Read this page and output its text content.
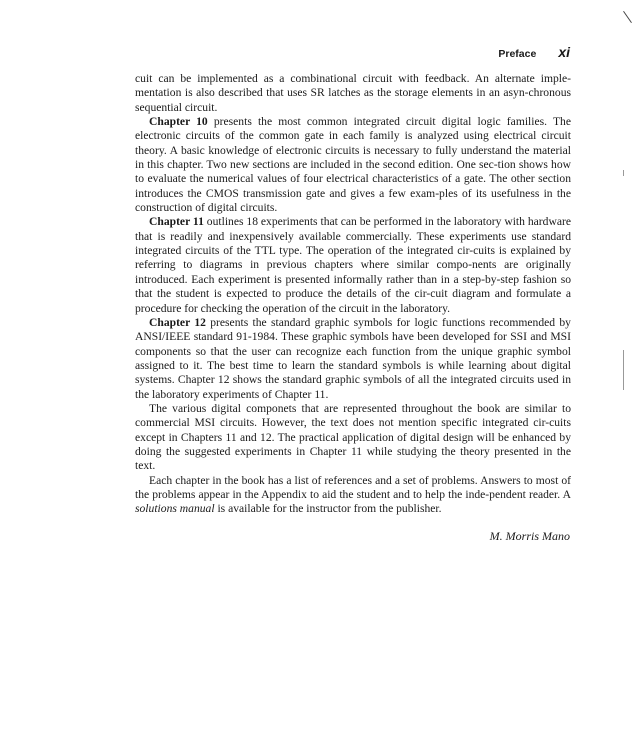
Preface xi

cuit can be implemented as a combinational circuit with feedback. An alternate imple-mentation is also described that uses SR latches as the storage elements in an asyn-chronous sequential circuit.

Chapter 10 presents the most common integrated circuit digital logic families. The electronic circuits of the common gate in each family is analyzed using electrical circuit theory. A basic knowledge of electronic circuits is necessary to fully understand the material in this chapter. Two new sections are included in the second edition. One sec-tion shows how to evaluate the numerical values of four electrical characteristics of a gate. The other section introduces the CMOS transmission gate and gives a few exam-ples of its usefulness in the construction of digital circuits.

Chapter 11 outlines 18 experiments that can be performed in the laboratory with hardware that is readily and inexpensively available commercially. These experiments use standard integrated circuits of the TTL type. The operation of the integrated cir-cuits is explained by referring to diagrams in previous chapters where similar compo-nents are originally introduced. Each experiment is presented informally rather than in a step-by-step fashion so that the student is expected to produce the details of the cir-cuit diagram and formulate a procedure for checking the operation of the circuit in the laboratory.

Chapter 12 presents the standard graphic symbols for logic functions recommended by ANSI/IEEE standard 91-1984. These graphic symbols have been developed for SSI and MSI components so that the user can recognize each function from the unique graphic symbol assigned to it. The best time to learn the standard symbols is while learning about digital systems. Chapter 12 shows the standard graphic symbols of all the integrated circuits used in the laboratory experiments of Chapter 11.

The various digital componets that are represented throughout the book are similar to commercial MSI circuits. However, the text does not mention specific integrated cir-cuits except in Chapters 11 and 12. The practical application of digital design will be enhanced by doing the suggested experiments in Chapter 11 while studying the theory presented in the text.

Each chapter in the book has a list of references and a set of problems. Answers to most of the problems appear in the Appendix to aid the student and to help the inde-pendent reader. A solutions manual is available for the instructor from the publisher.

M. Morris Mano
